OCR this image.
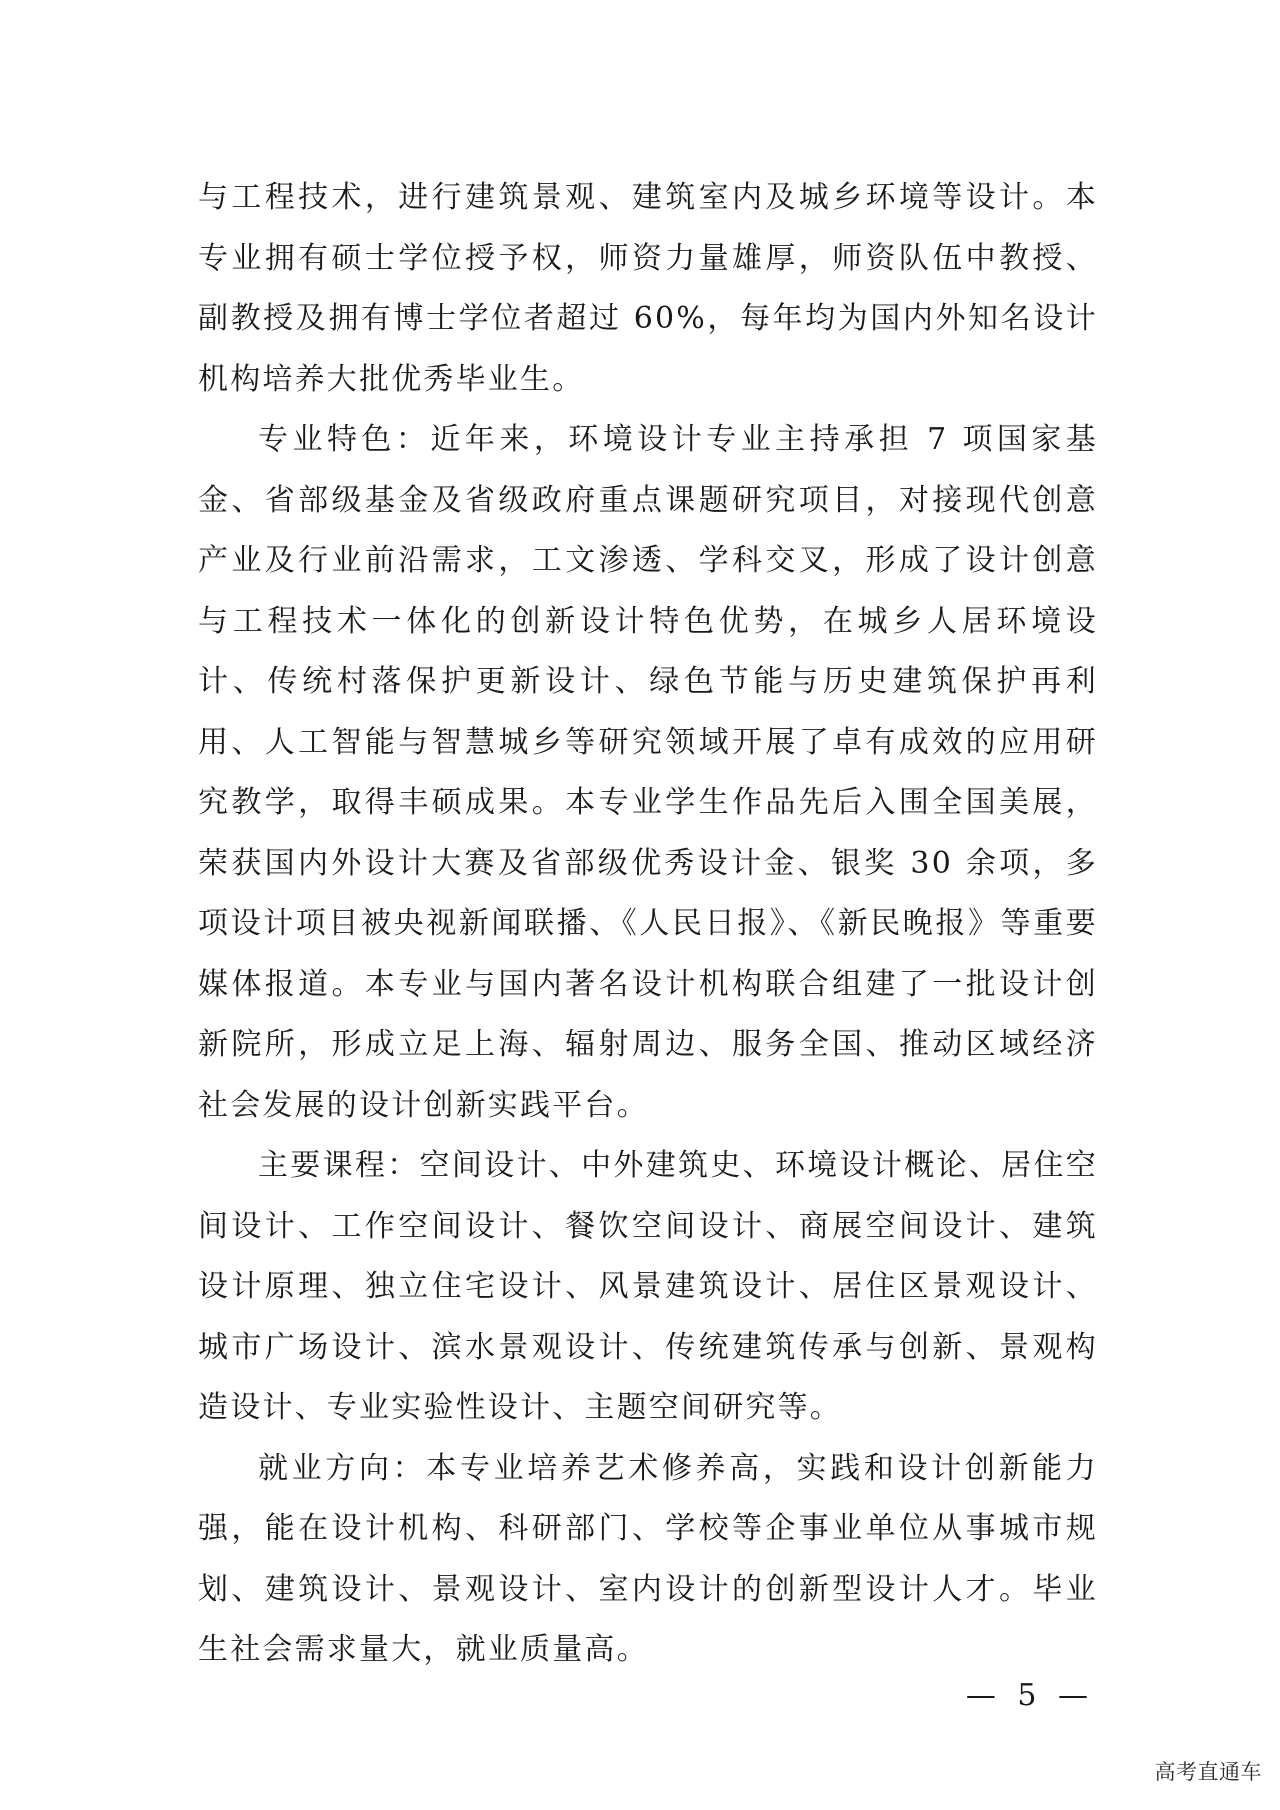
与工程技术，进行建筑景观、建筑室内及城乡环境等设计。本专业拥有硕士学位授予权，师资力量雄厚，师资队伍中教授、副教授及拥有博士学位者超过 60%，每年均为国内外知名设计机构培养大批优秀毕业生。

专业特色：近年来，环境设计专业主持承担 7 项国家基金、省部级基金及省级政府重点课题研究项目，对接现代创意产业及行业前沿需求，工文渗透、学科交叉，形成了设计创意与工程技术一体化的创新设计特色优势，在城乡人居环境设计、传统村落保护更新设计、绿色节能与历史建筑保护再利用、人工智能与智慧城乡等研究领域开展了卓有成效的应用研究教学，取得丰硕成果。本专业学生作品先后入围全国美展，荣获国内外设计大赛及省部级优秀设计金、银奖 30 余项，多项设计项目被央视新闻联播、《人民日报》、《新民晚报》等重要媒体报道。本专业与国内著名设计机构联合组建了一批设计创新院所，形成立足上海、辐射周边、服务全国、推动区域经济社会发展的设计创新实践平台。

主要课程：空间设计、中外建筑史、环境设计概论、居住空间设计、工作空间设计、餐饮空间设计、商展空间设计、建筑设计原理、独立住宅设计、风景建筑设计、居住区景观设计、城市广场设计、滨水景观设计、传统建筑传承与创新、景观构造设计、专业实验性设计、主题空间研究等。

就业方向：本专业培养艺术修养高，实践和设计创新能力强，能在设计机构、科研部门、学校等企事业单位从事城市规划、建筑设计、景观设计、室内设计的创新型设计人才。毕业生社会需求量大，就业质量高。

— 5 —
高考直通车
